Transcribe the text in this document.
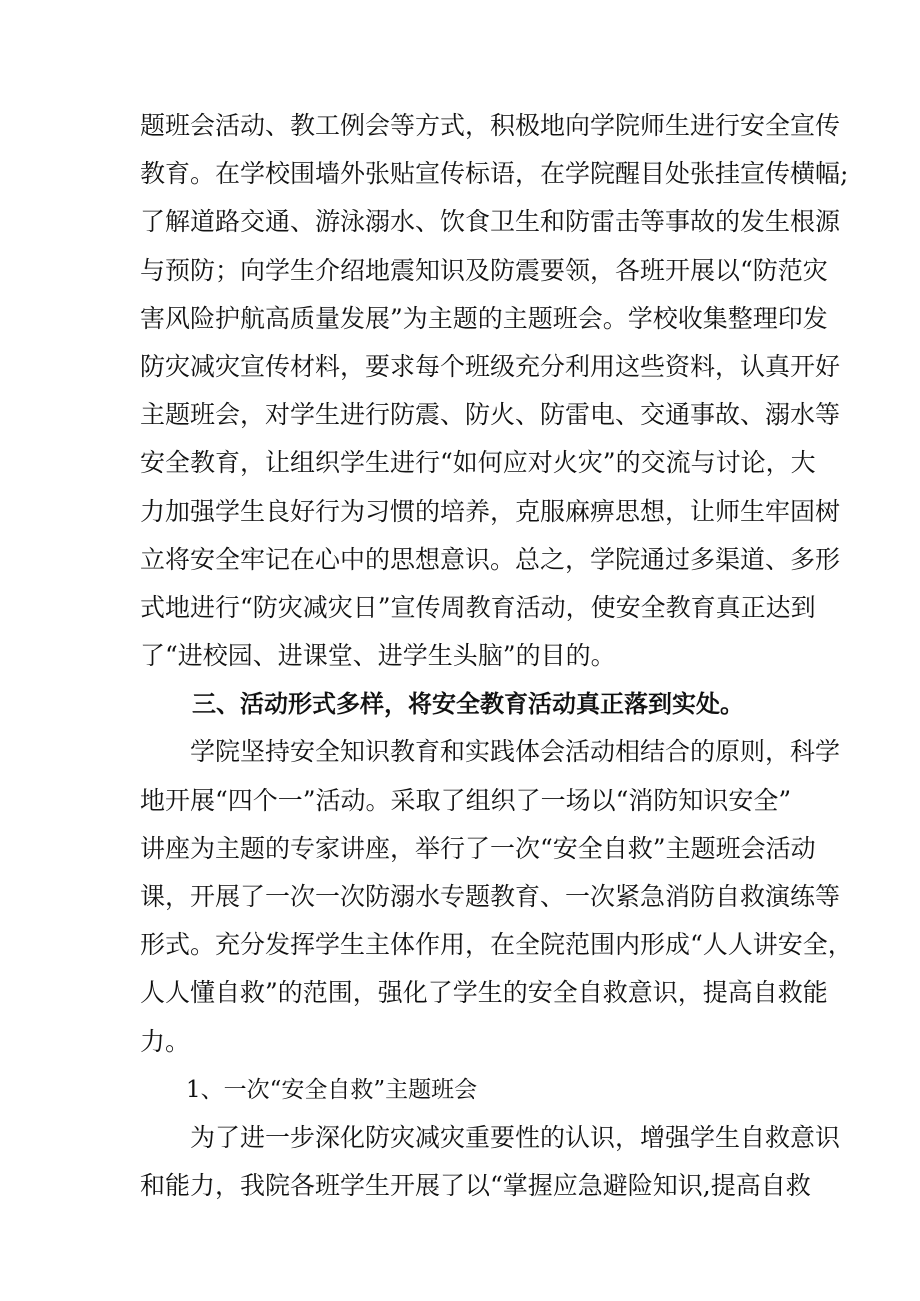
题班会活动、教工例会等方式，积极地向学院师生进行安全宣传
教育。在学校围墙外张贴宣传标语，在学院醒目处张挂宣传横幅;
了解道路交通、游泳溺水、饮食卫生和防雷击等事故的发生根源
与预防；向学生介绍地震知识及防震要领，各班开展以“防范灾
害风险护航高质量发展”为主题的主题班会。学校收集整理印发
防灾减灾宣传材料，要求每个班级充分利用这些资料，认真开好
主题班会，对学生进行防震、防火、防雷电、交通事故、溺水等
安全教育，让组织学生进行“如何应对火灾”的交流与讨论，大
力加强学生良好行为习惯的培养，克服麻痹思想，让师生牢固树
立将安全牢记在心中的思想意识。总之，学院通过多渠道、多形
式地进行“防灾减灾日”宣传周教育活动，使安全教育真正达到
了“进校园、进课堂、进学生头脑”的目的。
三、活动形式多样，将安全教育活动真正落到实处。
学院坚持安全知识教育和实践体会活动相结合的原则，科学
地开展“四个一”活动。采取了组织了一场以“消防知识安全”
讲座为主题的专家讲座，举行了一次“安全自救”主题班会活动
课，开展了一次一次防溺水专题教育、一次紧急消防自救演练等
形式。充分发挥学生主体作用，在全院范围内形成“人人讲安全，
人人懂自救”的范围，强化了学生的安全自救意识，提高自救能
力。
1、一次“安全自救”主题班会
为了进一步深化防灾减灾重要性的认识，增强学生自救意识
和能力，我院各班学生开展了以“掌握应急避险知识,提高自救
